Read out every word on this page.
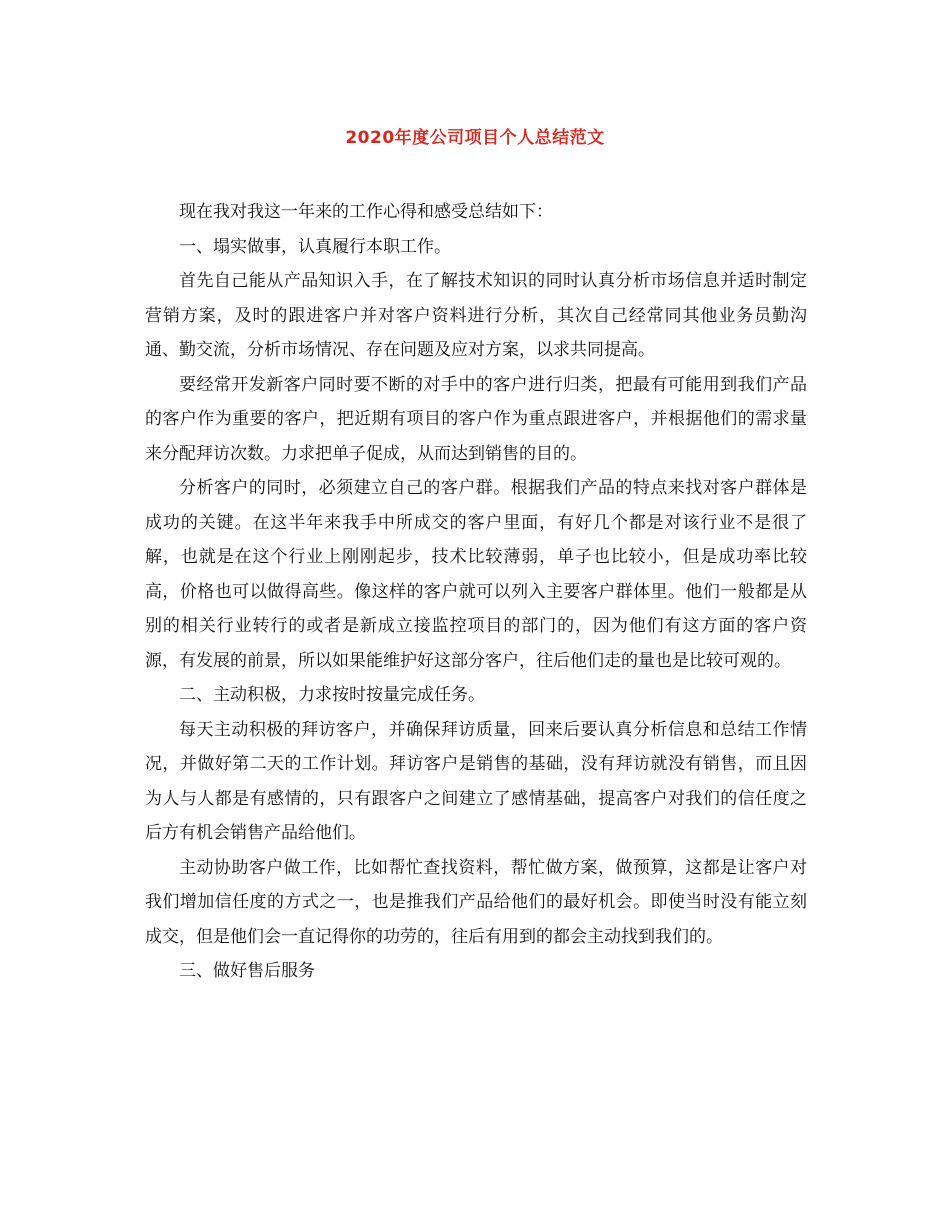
2020年度公司项目个人总结范文

现在我对我这一年来的工作心得和感受总结如下：

一、塌实做事，认真履行本职工作。

首先自己能从产品知识入手，在了解技术知识的同时认真分析市场信息并适时制定营销方案，及时的跟进客户并对客户资料进行分析，其次自己经常同其他业务员勤沟通、勤交流，分析市场情况、存在问题及应对方案，以求共同提高。

要经常开发新客户同时要不断的对手中的客户进行归类，把最有可能用到我们产品的客户作为重要的客户，把近期有项目的客户作为重点跟进客户，并根据他们的需求量来分配拜访次数。力求把单子促成，从而达到销售的目的。

分析客户的同时，必须建立自己的客户群。根据我们产品的特点来找对客户群体是成功的关键。在这半年来我手中所成交的客户里面，有好几个都是对该行业不是很了解，也就是在这个行业上刚刚起步，技术比较薄弱，单子也比较小，但是成功率比较高，价格也可以做得高些。像这样的客户就可以列入主要客户群体里。他们一般都是从别的相关行业转行的或者是新成立接监控项目的部门的，因为他们有这方面的客户资源，有发展的前景，所以如果能维护好这部分客户，往后他们走的量也是比较可观的。

二、主动积极，力求按时按量完成任务。

每天主动积极的拜访客户，并确保拜访质量，回来后要认真分析信息和总结工作情况，并做好第二天的工作计划。拜访客户是销售的基础，没有拜访就没有销售，而且因为人与人都是有感情的，只有跟客户之间建立了感情基础，提高客户对我们的信任度之后方有机会销售产品给他们。

主动协助客户做工作，比如帮忙查找资料，帮忙做方案，做预算，这都是让客户对我们增加信任度的方式之一，也是推我们产品给他们的最好机会。即使当时没有能立刻成交，但是他们会一直记得你的功劳的，往后有用到的都会主动找到我们的。

三、做好售后服务
